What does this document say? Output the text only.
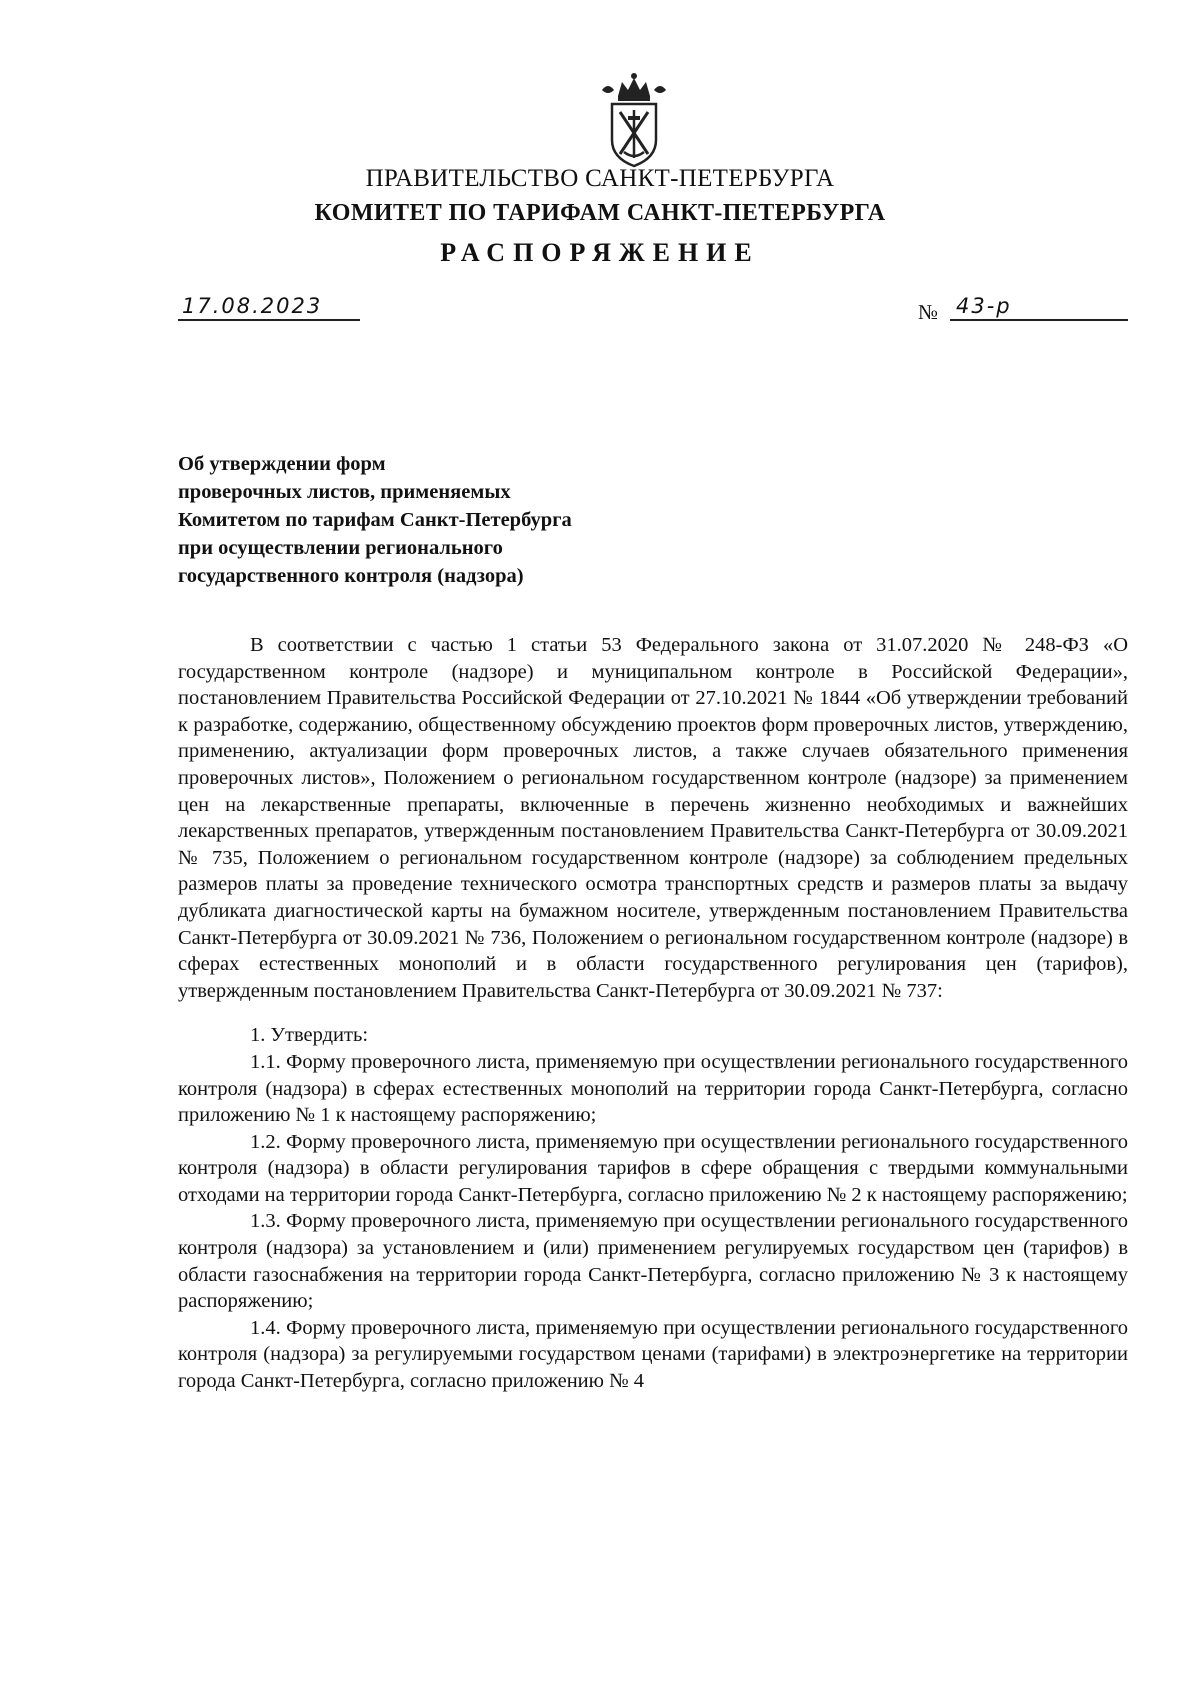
ПРАВИТЕЛЬСТВО САНКТ-ПЕТЕРБУРГА
КОМИТЕТ ПО ТАРИФАМ САНКТ-ПЕТЕРБУРГА
РАСПОРЯЖЕНИЕ
17.08.2023	№ 43-р
Об утверждении форм
проверочных листов, применяемых
Комитетом по тарифам Санкт-Петербурга
при осуществлении регионального
государственного контроля (надзора)

В соответствии с частью 1 статьи 53 Федерального закона от 31.07.2020 № 248-ФЗ «О государственном контроле (надзоре) и муниципальном контроле в Российской Федерации», постановлением Правительства Российской Федерации от 27.10.2021 № 1844 «Об утверждении требований к разработке, содержанию, общественному обсуждению проектов форм проверочных листов, утверждению, применению, актуализации форм проверочных листов, а также случаев обязательного применения проверочных листов», Положением о региональном государственном контроле (надзоре) за применением цен на лекарственные препараты, включенные в перечень жизненно необходимых и важнейших лекарственных препаратов, утвержденным постановлением Правительства Санкт-Петербурга от 30.09.2021 № 735, Положением о региональном государственном контроле (надзоре) за соблюдением предельных размеров платы за проведение технического осмотра транспортных средств и размеров платы за выдачу дубликата диагностической карты на бумажном носителе, утвержденным постановлением Правительства Санкт-Петербурга от 30.09.2021 № 736, Положением о региональном государственном контроле (надзоре) в сферах естественных монополий и в области государственного регулирования цен (тарифов), утвержденным постановлением Правительства Санкт-Петербурга от 30.09.2021 № 737:

1. Утвердить:

1.1. Форму проверочного листа, применяемую при осуществлении регионального государственного контроля (надзора) в сферах естественных монополий на территории города Санкт-Петербурга, согласно приложению № 1 к настоящему распоряжению;

1.2. Форму проверочного листа, применяемую при осуществлении регионального государственного контроля (надзора) в области регулирования тарифов в сфере обращения с твердыми коммунальными отходами на территории города Санкт-Петербурга, согласно приложению № 2 к настоящему распоряжению;

1.3. Форму проверочного листа, применяемую при осуществлении регионального государственного контроля (надзора) за установлением и (или) применением регулируемых государством цен (тарифов) в области газоснабжения на территории города Санкт-Петербурга, согласно приложению № 3 к настоящему распоряжению;

1.4. Форму проверочного листа, применяемую при осуществлении регионального государственного контроля (надзора) за регулируемыми государством ценами (тарифами) в электроэнергетике на территории города Санкт-Петербурга, согласно приложению № 4
